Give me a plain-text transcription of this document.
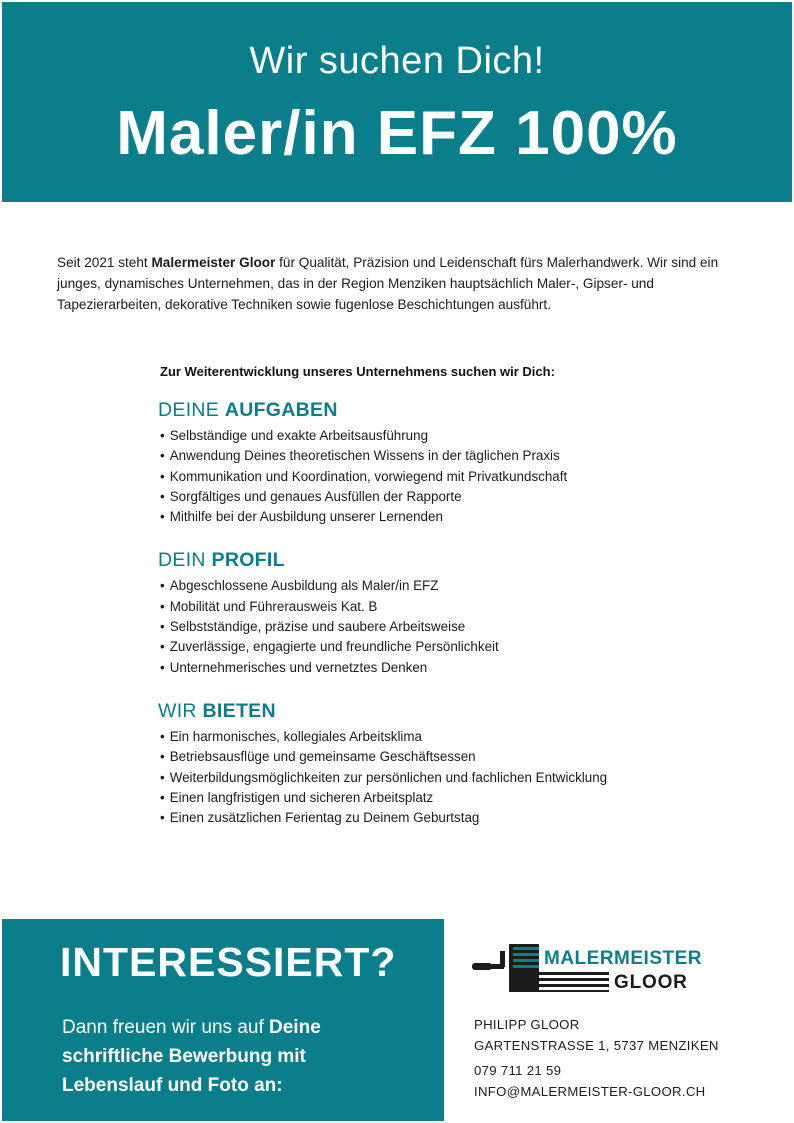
Wir suchen Dich!
Maler/in EFZ 100%

Seit 2021 steht Malermeister Gloor für Qualität, Präzision und Leidenschaft fürs Malerhandwerk. Wir sind ein junges, dynamisches Unternehmen, das in der Region Menziken hauptsächlich Maler-, Gipser- und Tapezierarbeiten, dekorative Techniken sowie fugenlose Beschichtungen ausführt.

Zur Weiterentwicklung unseres Unternehmens suchen wir Dich:
DEINE AUFGABEN
• Selbständige und exakte Arbeitsausführung
• Anwendung Deines theoretischen Wissens in der täglichen Praxis
• Kommunikation und Koordination, vorwiegend mit Privatkundschaft
• Sorgfältiges und genaues Ausfüllen der Rapporte
• Mithilfe bei der Ausbildung unserer Lernenden
DEIN PROFIL
• Abgeschlossene Ausbildung als Maler/in EFZ
• Mobilität und Führerausweis Kat. B
• Selbstständige, präzise und saubere Arbeitsweise
• Zuverlässige, engagierte und freundliche Persönlichkeit
• Unternehmerisches und vernetztes Denken
WIR BIETEN
• Ein harmonisches, kollegiales Arbeitsklima
• Betriebsausflüge und gemeinsame Geschäftsessen
• Weiterbildungsmöglichkeiten zur persönlichen und fachlichen Entwicklung
• Einen langfristigen und sicheren Arbeitsplatz
• Einen zusätzlichen Ferientag zu Deinem Geburtstag
INTERESSIERT?
Dann freuen wir uns auf Deine schriftliche Bewerbung mit Lebenslauf und Foto an:
MALERMEISTER
GLOOR
PHILIPP GLOOR
GARTENSTRASSE 1, 5737 MENZIKEN
079 711 21 59
INFO@MALERMEISTER-GLOOR.CH
